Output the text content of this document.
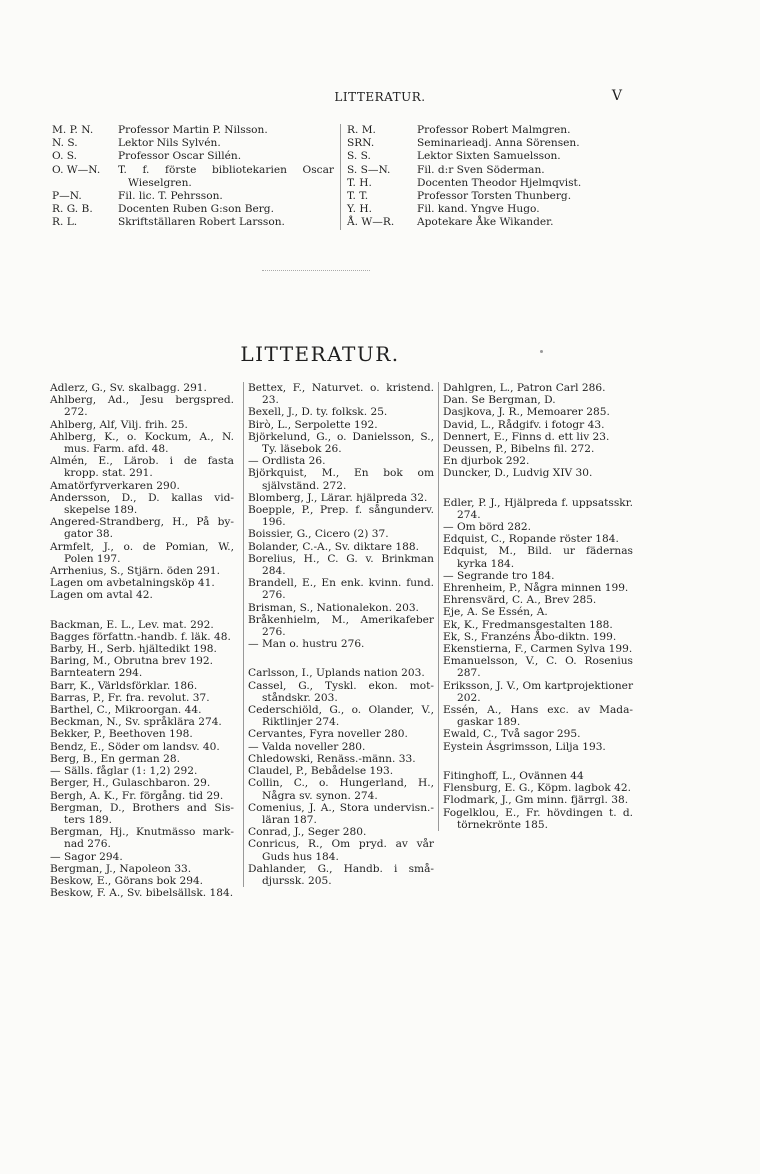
LITTERATUR.	V
M. P. N.	Professor Martin P. Nilsson.
N. S.	Lektor Nils Sylvén.
O. S.	Professor Oscar Sillén.
O. W—N.	T. f. förste bibliotekarien Oscar
Wieselgren.
P—N.	Fil. lic. T. Pehrsson.
R. G. B.	Docenten Ruben G:son Berg.
R. L.	Skriftställaren Robert Larsson.
R. M.	Professor Robert Malmgren.
SRN.	Seminarieadj. Anna Sörensen.
S. S.	Lektor Sixten Samuelsson.
S. S—N.	Fil. d:r Sven Söderman.
T. H.	Docenten Theodor Hjelmqvist.
T. T.	Professor Torsten Thunberg.
Y. H.	Fil. kand. Yngve Hugo.
Å. W—R.	Apotekare Åke Wikander.
LITTERATUR.
Adlerz, G., Sv. skalbagg. 291.
Ahlberg, Ad., Jesu bergspred. 272.
Ahlberg, Alf, Vilj. frih. 25.
Ahlberg, K., o. Kockum, A., N. mus. Farm. afd. 48.
Almén, E., Lärob. i de fasta kropp. stat. 291.
Amatörfyrverkaren 290.
Andersson, D., D. kallas vidskepelse 189.
Angered-Strandberg, H., På bygator 38.
Armfelt, J., o. de Pomian, W., Polen 197.
Arrhenius, S., Stjärn. öden 291.
Lagen om avbetalningsköp 41.
Lagen om avtal 42.
Backman, E. L., Lev. mat. 292.
Bagges författn.-handb. f. läk. 48.
Barby, H., Serb. hjältedikt 198.
Baring, M., Obrutna brev 192.
Barnteatern 294.
Barr, K., Världsförklar. 186.
Barras, P., Fr. fra. revolut. 37.
Barthel, C., Mikroorgan. 44.
Beckman, N., Sv. språklära 274.
Bekker, P., Beethoven 198.
Bendz, E., Söder om landsv. 40.
Berg, B., En german 28.
— Sälls. fåglar (1: 1,2) 292.
Berger, H., Gulaschbaron. 29.
Bergh, A. K., Fr. förgång. tid 29.
Bergman, D., Brothers and Sisters 189.
Bergman, Hj., Knutmässo marknad 276.
— Sagor 294.
Bergman, J., Napoleon 33.
Beskow, E., Görans bok 294.
Beskow, F. A., Sv. bibelsällsk. 184.
Bettex, F., Naturvet. o. kristend. 23.
Bexell, J., D. ty. folksk. 25.
Birò, L., Serpolette 192.
Björkelund, G., o. Danielsson, S., Ty. läsebok 26.
— Ordlista 26.
Björkquist, M., En bok om självständ. 272.
Blomberg, J., Lärar. hjälpreda 32.
Boepple, P., Prep. f. sångunderv. 196.
Boissier, G., Cicero (2) 37.
Bolander, C.-A., Sv. diktare 188.
Borelius, H., C. G. v. Brinkman 284.
Brandell, E., En enk. kvinn. fund. 276.
Brisman, S., Nationalekon. 203.
Bråkenhielm, M., Amerikafeber 276.
— Man o. hustru 276.
Carlsson, I., Uplands nation 203.
Cassel, G., Tyskl. ekon. motståndskr. 203.
Cederschiöld, G., o. Olander, V., Riktlinjer 274.
Cervantes, Fyra noveller 280.
— Valda noveller 280.
Chledowski, Renäss.-männ. 33.
Claudel, P., Bebådelse 193.
Collin, C., o. Hungerland, H., Några sv. synon. 274.
Comenius, J. A., Stora undervisn.-läran 187.
Conrad, J., Seger 280.
Conricus, R., Om pryd. av vår Guds hus 184.
Dahlander, G., Handb. i smådjurssk. 205.
Dahlgren, L., Patron Carl 286.
Dan. Se Bergman, D.
Dasjkova, J. R., Memoarer 285.
David, L., Rådgifv. i fotogr 43.
Dennert, E., Finns d. ett liv 23.
Deussen, P., Bibelns fil. 272.
En djurbok 292.
Duncker, D., Ludvig XIV 30.
Edler, P. J., Hjälpreda f. uppsatsskr. 274.
— Om börd 282.
Edquist, C., Ropande röster 184.
Edquist, M., Bild. ur fädernas kyrka 184.
— Segrande tro 184.
Ehrenheim, P., Några minnen 199.
Ehrensvärd, C. A., Brev 285.
Eje, A. Se Essén, A.
Ek, K., Fredmansgestalten 188.
Ek, S., Franzéns Åbo-diktn. 199.
Ekenstierna, F., Carmen Sylva 199.
Emanuelsson, V., C. O. Rosenius 287.
Eriksson, J. V., Om kartprojektioner 202.
Essén, A., Hans exc. av Madagaskar 189.
Ewald, C., Två sagor 295.
Eystein Ásgrimsson, Lilja 193.
Fitinghoff, L., Ovännen 44
Flensburg, E. G., Köpm. lagbok 42.
Flodmark, J., Gm minn. fjärrgl. 38.
Fogelklou, E., Fr. hövdingen t. d. törnekrönte 185.
